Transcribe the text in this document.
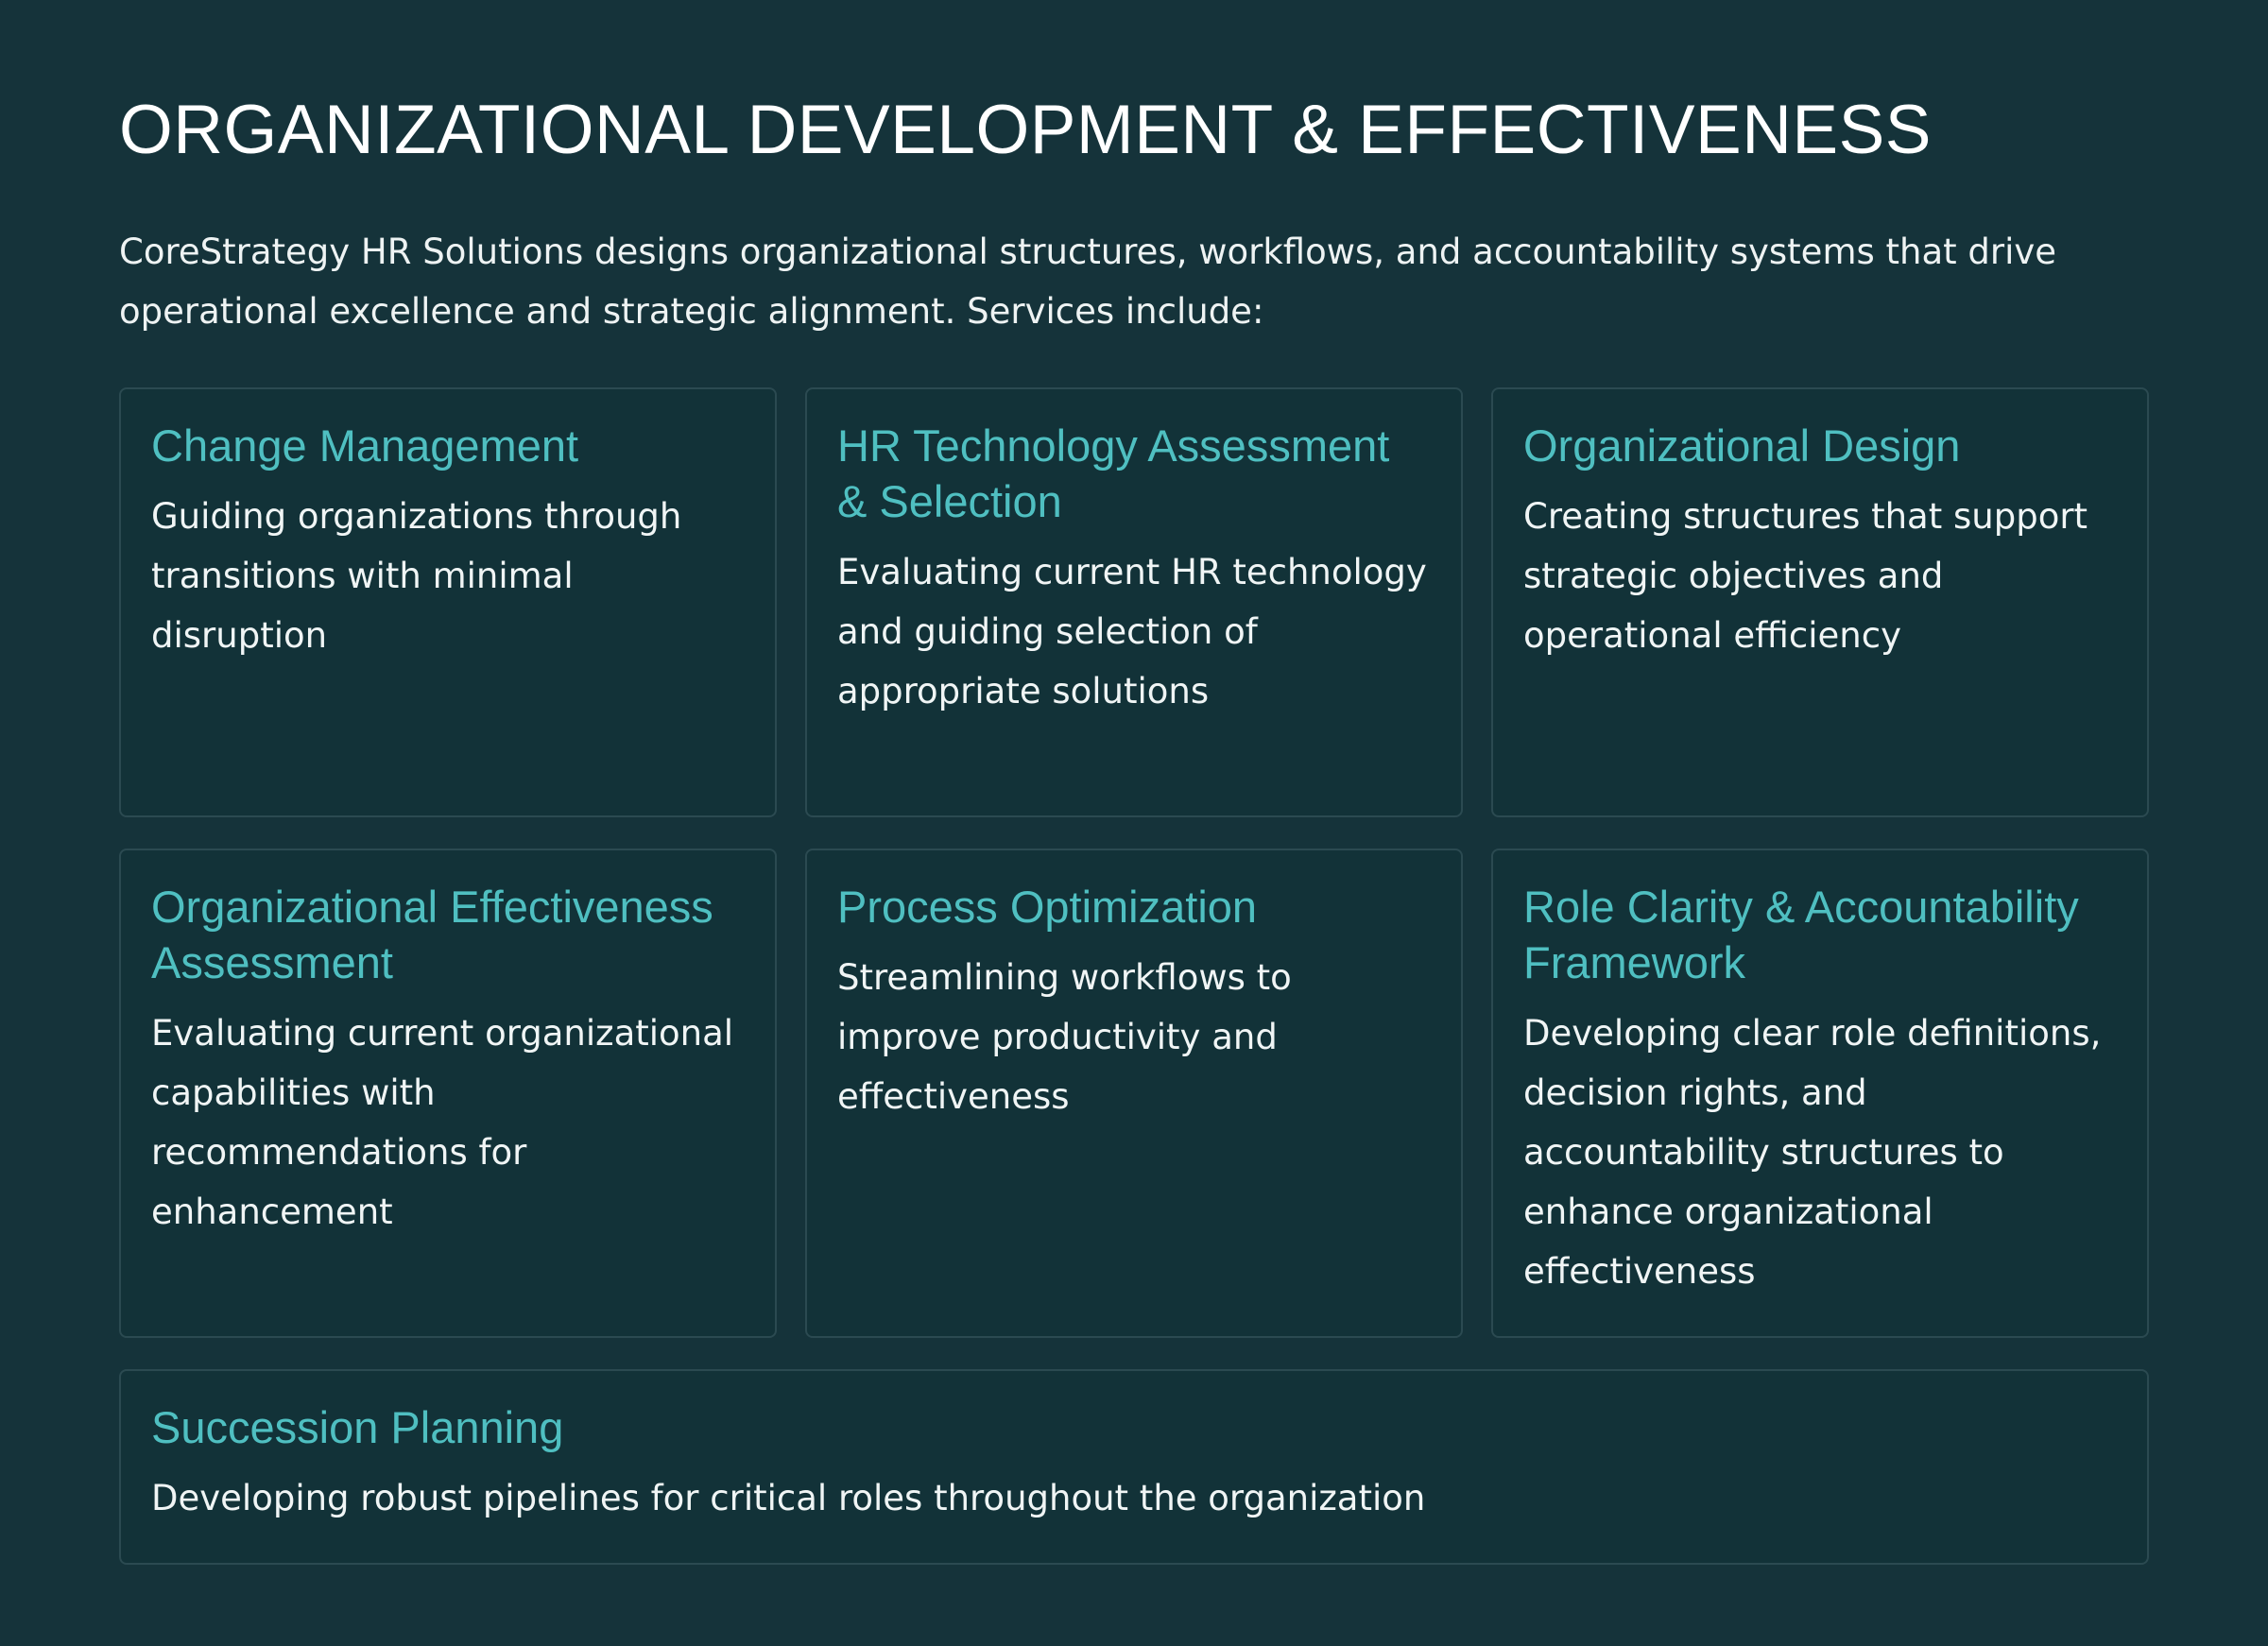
ORGANIZATIONAL DEVELOPMENT & EFFECTIVENESS

CoreStrategy HR Solutions designs organizational structures, workflows, and accountability systems that drive operational excellence and strategic alignment. Services include:

Change Management

Guiding organizations through transitions with minimal disruption

HR Technology Assessment & Selection

Evaluating current HR technology and guiding selection of appropriate solutions

Organizational Design

Creating structures that support strategic objectives and operational efficiency

Organizational Effectiveness Assessment

Evaluating current organizational capabilities with recommendations for enhancement

Process Optimization

Streamlining workflows to improve productivity and effectiveness

Role Clarity & Accountability Framework

Developing clear role definitions, decision rights, and accountability structures to enhance organizational effectiveness

Succession Planning

Developing robust pipelines for critical roles throughout the organization
